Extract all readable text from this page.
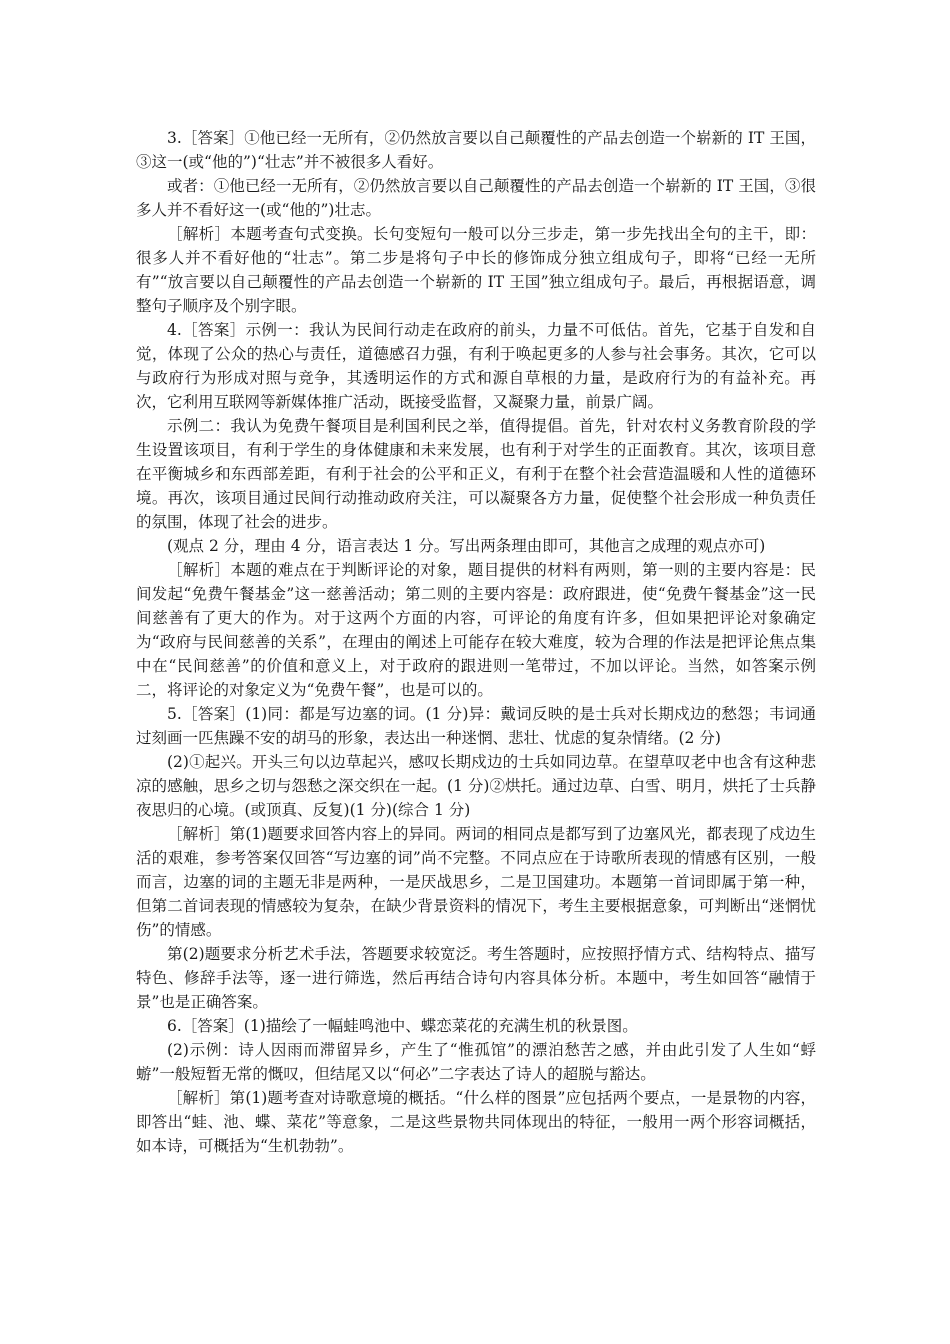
3.［答案］①他已经一无所有，②仍然放言要以自己颠覆性的产品去创造一个崭新的 IT 王国，③这一(或“他的”)“壮志”并不被很多人看好。

或者：①他已经一无所有，②仍然放言要以自己颠覆性的产品去创造一个崭新的 IT 王国，③很多人并不看好这一(或“他的”)壮志。

［解析］本题考查句式变换。长句变短句一般可以分三步走，第一步先找出全句的主干，即：很多人并不看好他的“壮志”。第二步是将句子中长的修饰成分独立组成句子，即将“已经一无所有”“放言要以自己颠覆性的产品去创造一个崭新的 IT 王国”独立组成句子。最后，再根据语意，调整句子顺序及个别字眼。

4.［答案］示例一：我认为民间行动走在政府的前头，力量不可低估。首先，它基于自发和自觉，体现了公众的热心与责任，道德感召力强，有利于唤起更多的人参与社会事务。其次，它可以与政府行为形成对照与竞争，其透明运作的方式和源自草根的力量，是政府行为的有益补充。再次，它利用互联网等新媒体推广活动，既接受监督，又凝聚力量，前景广阔。

示例二：我认为免费午餐项目是利国利民之举，值得提倡。首先，针对农村义务教育阶段的学生设置该项目，有利于学生的身体健康和未来发展，也有利于对学生的正面教育。其次，该项目意在平衡城乡和东西部差距，有利于社会的公平和正义，有利于在整个社会营造温暖和人性的道德环境。再次，该项目通过民间行动推动政府关注，可以凝聚各方力量，促使整个社会形成一种负责任的氛围，体现了社会的进步。

(观点 2 分，理由 4 分，语言表达 1 分。写出两条理由即可，其他言之成理的观点亦可)

［解析］本题的难点在于判断评论的对象，题目提供的材料有两则，第一则的主要内容是：民间发起“免费午餐基金”这一慈善活动；第二则的主要内容是：政府跟进，使“免费午餐基金”这一民间慈善有了更大的作为。对于这两个方面的内容，可评论的角度有许多，但如果把评论对象确定为“政府与民间慈善的关系”，在理由的阐述上可能存在较大难度，较为合理的作法是把评论焦点集中在“民间慈善”的价值和意义上，对于政府的跟进则一笔带过，不加以评论。当然，如答案示例二，将评论的对象定义为“免费午餐”，也是可以的。

5.［答案］(1)同：都是写边塞的词。(1 分)异：戴词反映的是士兵对长期戍边的愁怨；韦词通过刻画一匹焦躁不安的胡马的形象，表达出一种迷惘、悲壮、忧虑的复杂情绪。(2 分)

(2)①起兴。开头三句以边草起兴，感叹长期戍边的士兵如同边草。在望草叹老中也含有这种悲凉的感触，思乡之切与怨愁之深交织在一起。(1 分)②烘托。通过边草、白雪、明月，烘托了士兵静夜思归的心境。(或顶真、反复)(1 分)(综合 1 分)

［解析］第(1)题要求回答内容上的异同。两词的相同点是都写到了边塞风光，都表现了戍边生活的艰难，参考答案仅回答“写边塞的词”尚不完整。不同点应在于诗歌所表现的情感有区别，一般而言，边塞的词的主题无非是两种，一是厌战思乡，二是卫国建功。本题第一首词即属于第一种，但第二首词表现的情感较为复杂，在缺少背景资料的情况下，考生主要根据意象，可判断出“迷惘忧伤”的情感。

第(2)题要求分析艺术手法，答题要求较宽泛。考生答题时，应按照抒情方式、结构特点、描写特色、修辞手法等，逐一进行筛选，然后再结合诗句内容具体分析。本题中，考生如回答“融情于景”也是正确答案。

6.［答案］(1)描绘了一幅蛙鸣池中、蝶恋菜花的充满生机的秋景图。

(2)示例：诗人因雨而滞留异乡，产生了“惟孤馆”的漂泊愁苦之感，并由此引发了人生如“蜉蝣”一般短暂无常的慨叹，但结尾又以“何必”二字表达了诗人的超脱与豁达。

［解析］第(1)题考查对诗歌意境的概括。“什么样的图景”应包括两个要点，一是景物的内容，即答出“蛙、池、蝶、菜花”等意象，二是这些景物共同体现出的特征，一般用一两个形容词概括，如本诗，可概括为“生机勃勃”。
